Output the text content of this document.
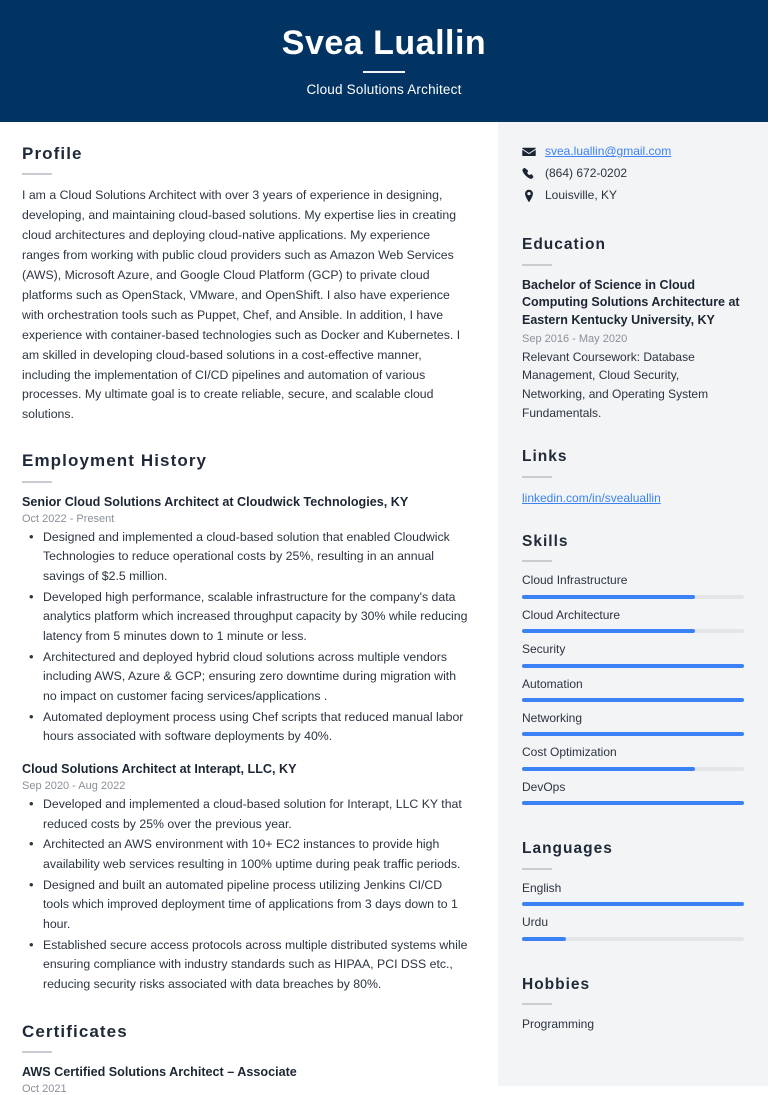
Svea Luallin
Cloud Solutions Architect
Profile

I am a Cloud Solutions Architect with over 3 years of experience in designing, developing, and maintaining cloud-based solutions. My expertise lies in creating cloud architectures and deploying cloud-native applications. My experience ranges from working with public cloud providers such as Amazon Web Services (AWS), Microsoft Azure, and Google Cloud Platform (GCP) to private cloud platforms such as OpenStack, VMware, and OpenShift. I also have experience with orchestration tools such as Puppet, Chef, and Ansible. In addition, I have experience with container-based technologies such as Docker and Kubernetes. I am skilled in developing cloud-based solutions in a cost-effective manner, including the implementation of CI/CD pipelines and automation of various processes. My ultimate goal is to create reliable, secure, and scalable cloud solutions.

Employment History
Senior Cloud Solutions Architect at Cloudwick Technologies, KY
Oct 2022 - Present
• Designed and implemented a cloud-based solution that enabled Cloudwick Technologies to reduce operational costs by 25%, resulting in an annual savings of $2.5 million.
• Developed high performance, scalable infrastructure for the company's data analytics platform which increased throughput capacity by 30% while reducing latency from 5 minutes down to 1 minute or less.
• Architectured and deployed hybrid cloud solutions across multiple vendors including AWS, Azure & GCP; ensuring zero downtime during migration with no impact on customer facing services/applications .
• Automated deployment process using Chef scripts that reduced manual labor hours associated with software deployments by 40%.
Cloud Solutions Architect at Interapt, LLC, KY
Sep 2020 - Aug 2022
• Developed and implemented a cloud-based solution for Interapt, LLC KY that reduced costs by 25% over the previous year.
• Architected an AWS environment with 10+ EC2 instances to provide high availability web services resulting in 100% uptime during peak traffic periods.
• Designed and built an automated pipeline process utilizing Jenkins CI/CD tools which improved deployment time of applications from 3 days down to 1 hour.
• Established secure access protocols across multiple distributed systems while ensuring compliance with industry standards such as HIPAA, PCI DSS etc., reducing security risks associated with data breaches by 80%.
Certificates
AWS Certified Solutions Architect – Associate
Oct 2021
svea.luallin@gmail.com
(864) 672-0202
Louisville, KY
Education
Bachelor of Science in Cloud Computing Solutions Architecture at Eastern Kentucky University, KY
Sep 2016 - May 2020
Relevant Coursework: Database Management, Cloud Security, Networking, and Operating System Fundamentals.
Links
linkedin.com/in/svealuallin
Skills
Cloud Infrastructure
Cloud Architecture
Security
Automation
Networking
Cost Optimization
DevOps
Languages
English
Urdu
Hobbies
Programming
